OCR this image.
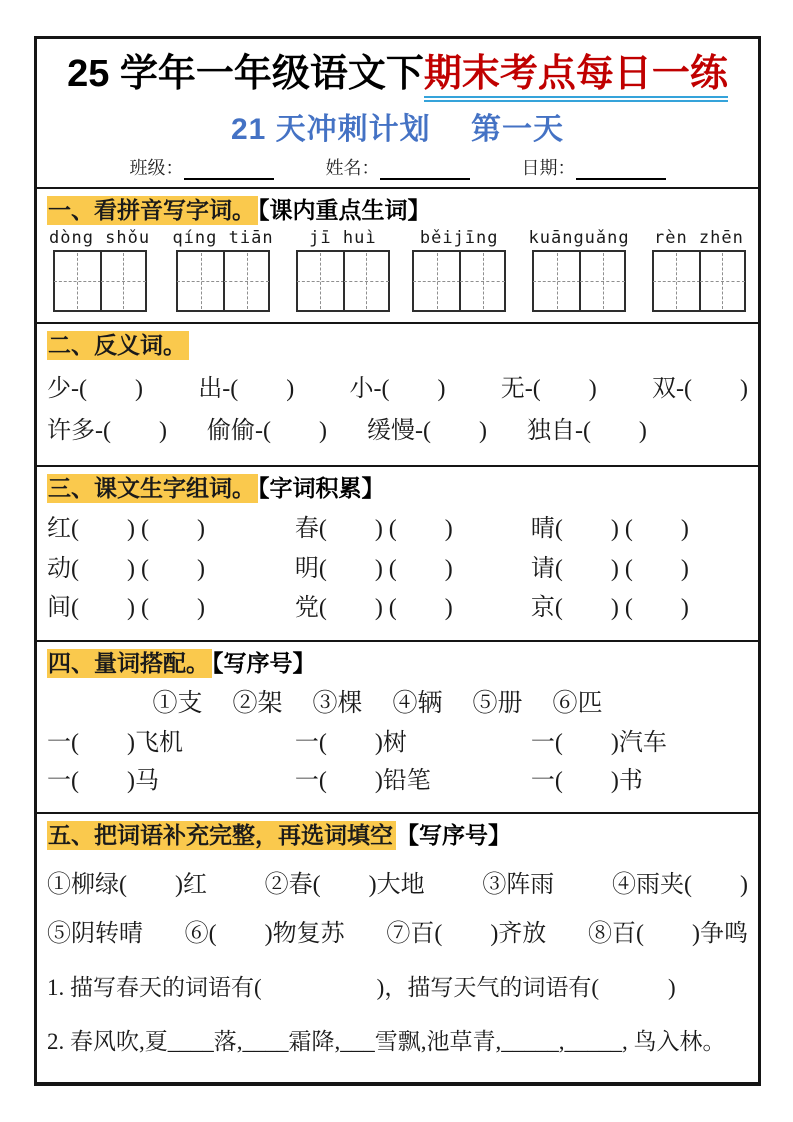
25 学年一年级语文下期末考点每日一练
21 天冲刺计划　 第一天
班级：	姓名：	日期：
一、看拼音写字词。 【课内重点生词】
dòng shǒu qíng tiān jī huì	běijīng kuānguǎng rèn zhēn
二、反义词。
少-(　　) 出-(　　) 小-(　　) 无-(　　) 双-(　　)
许多-(　　) 偷偷-(　　) 缓慢-(　　) 独自-(　　)
三、课文生字组词。 【字词积累】
红(　　) (　　)	春(　　) (　　)	晴(　　) (　　)
动(　　) (　　)	明(　　) (　　)	请(　　) (　　)
间(　　) (　　)	党(　　) (　　)	京(　　) (　　)
四、量词搭配。 【写序号】
①支 ②架 ③棵 ④辆 ⑤册 ⑥匹
一(　　)飞机	一(　　)树	一(　　)汽车
一(　　)马	一(　　)铅笔	一(　　)书
五、把词语补充完整，再选词填空 【写序号】
①柳绿(　　)红 ②春(　　)大地 ③阵雨 ④雨夹(　　)
⑤阴转晴 ⑥(　　)物复苏 ⑦百(　　)齐放 ⑧百(　　)争鸣
1. 描写春天的词语有(　　　　　)，描写天气的词语有(　　　)
2. 春风吹,夏____落,____霜降,___雪飘,池草青,_____,_____, 鸟入林。
